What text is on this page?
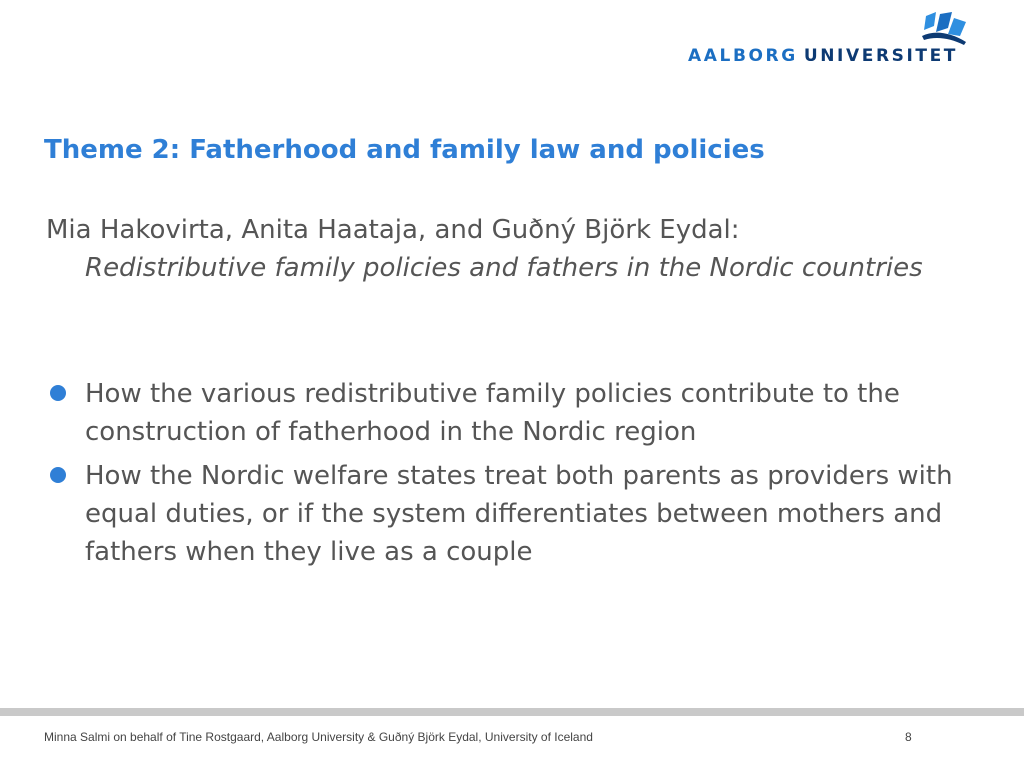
AALBORG UNIVERSITET
Theme 2: Fatherhood and family law and policies
Mia Hakovirta, Anita Haataja, and Guðný Björk Eydal:
Redistributive family policies and fathers in the Nordic countries
How the various redistributive family policies contribute to the construction of fatherhood in the Nordic region
How the Nordic welfare states treat both parents as providers with equal duties, or if the system differentiates between mothers and fathers when they live as a couple
Minna Salmi on behalf of Tine Rostgaard, Aalborg University & Guðný Björk Eydal, University of Iceland	8
